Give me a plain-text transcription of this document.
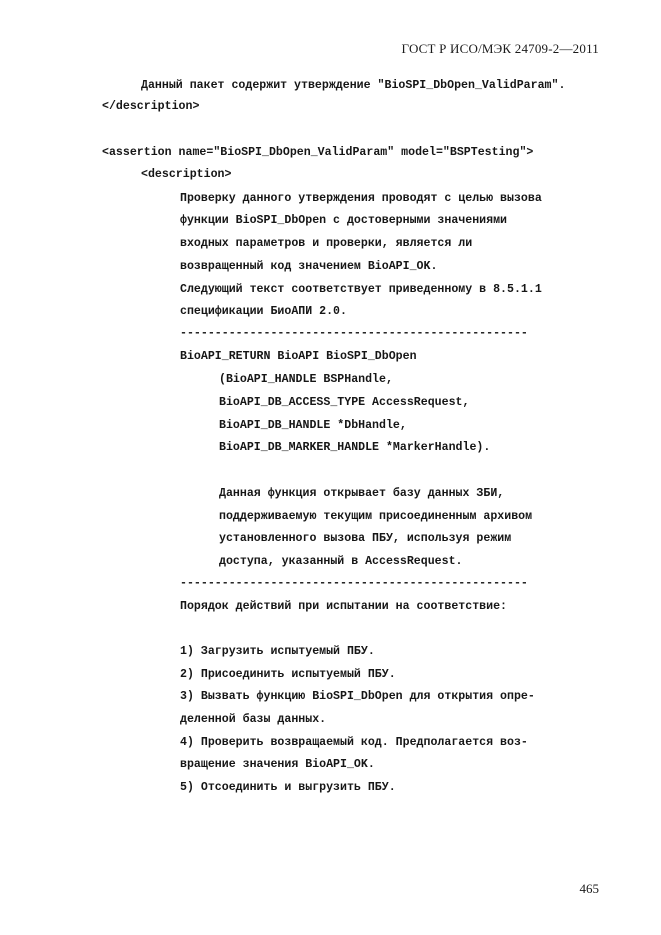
ГОСТ Р ИСО/МЭК 24709-2—2011
Данный пакет содержит утверждение "BioSPI_DbOpen_ValidParam".
</description>
<assertion name="BioSPI_DbOpen_ValidParam" model="BSPTesting">
<description>
Проверку данного утверждения проводят с целью вызова
функции BioSPI_DbOpen с достоверными значениями
входных параметров и проверки, является ли
возвращенный код значением BioAPI_OK.
Следующий текст соответствует приведенному в 8.5.1.1
спецификации БиоАПИ 2.0.
--------------------------------------------------
BioAPI_RETURN BioAPI BioSPI_DbOpen
(BioAPI_HANDLE BSPHandle,
BioAPI_DB_ACCESS_TYPE AccessRequest,
BioAPI_DB_HANDLE *DbHandle,
BioAPI_DB_MARKER_HANDLE *MarkerHandle).
Данная функция открывает базу данных ЗБИ,
поддерживаемую текущим присоединенным архивом
установленного вызова ПБУ, используя режим
доступа, указанный в AccessRequest.
--------------------------------------------------
Порядок действий при испытании на соответствие:
1) Загрузить испытуемый ПБУ.
2) Присоединить испытуемый ПБУ.
3) Вызвать функцию BioSPI_DbOpen для открытия опре-
деленной базы данных.
4) Проверить возвращаемый код. Предполагается воз-
вращение значения BioAPI_OK.
5) Отсоединить и выгрузить ПБУ.
465
